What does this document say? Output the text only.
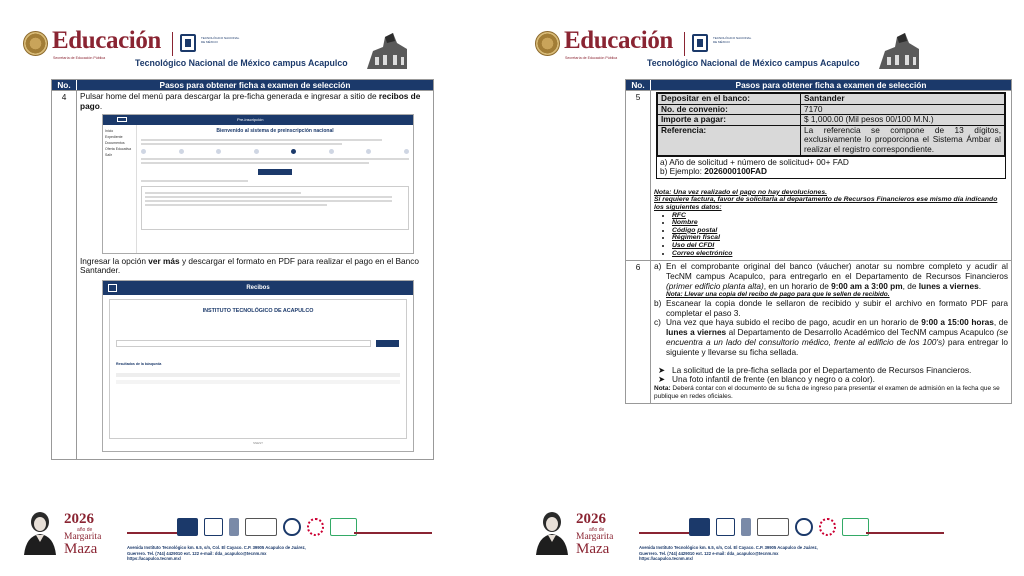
Educación
Secretaría de Educación Pública
TECNOLÓGICO NACIONAL DE MÉXICO
Tecnológico Nacional de México campus Acapulco
No.	Pasos para obtener ficha a examen de selección
4	Pulsar home del menú para descargar la pre-ficha generada e ingresar a sitio de recibos de pago.
Pre-inscripción
Inicio
Expediente
Documentos
Oferta Educativa
Salir
Bienvenido al sistema de preinscripción nacional
Ingresar la opción ver más y descargar el formato en PDF para realizar el pago en el Banco Santander.
Recibos
INSTITUTO TECNOLÓGICO DE ACAPULCO
Resultados de la búsqueda
SNEST
2026
año de
Margarita
Maza	Avenida Instituto Tecnológico km. 6.5, s/n, Col. El Cayaco. C.P. 39905 Acapulco de Juárez,
Guerrero. Tel. (744) 4429010 ext. 122 e-mail: dda_acapulco@tecnm.mx
https://acapulco.tecnm.mx/
Educación
Secretaría de Educación Pública
TECNOLÓGICO NACIONAL DE MÉXICO
Tecnológico Nacional de México campus Acapulco
No.	Pasos para obtener ficha a examen de selección
5	Depositar en el banco:	Santander
No. de convenio:	7170
Importe a pagar:	$ 1,000.00 (Mil pesos 00/100 M.N.)
Referencia:	La referencia se compone de 13 dígitos, exclusivamente lo proporciona el Sistema Ámbar al realizar el registro correspondiente.
a) Año de solicitud + número de solicitud+ 00+ FAD
b) Ejemplo: 2026000100FAD
Nota: Una vez realizado el pago no hay devoluciones.
Si requiere factura, favor de solicitarla al departamento de Recursos Financieros ese mismo día indicando los siguientes datos:
• RFC
• Nombre
• Código postal
• Régimen fiscal
• Uso del CFDI
• Correo electrónico
6	a) En el comprobante original del banco (váucher) anotar su nombre completo y acudir al TecNM campus Acapulco, para entregarlo en el Departamento de Recursos Financieros (primer edificio planta alta), en un horario de 9:00 am a 3:00 pm, de lunes a viernes.
Nota: Llevar una copia del recibo de pago para que le sellen de recibido.
b) Escanear la copia donde le sellaron de recibido y subir el archivo en formato PDF para completar el paso 3.
c) Una vez que haya subido el recibo de pago, acudir en un horario de 9:00 a 15:00 horas, de lunes a viernes al Departamento de Desarrollo Académico del TecNM campus Acapulco (se encuentra a un lado del consultorio médico, frente al edificio de los 100's) para entregar lo siguiente y llevarse su ficha sellada.
➤ La solicitud de la pre-ficha sellada por el Departamento de Recursos Financieros.
➤ Una foto infantil de frente (en blanco y negro o a color).
Nota: Deberá contar con el documento de su ficha de ingreso para presentar el examen de admisión en la fecha que se publique en redes oficiales.
2026
año de
Margarita
Maza	Avenida Instituto Tecnológico km. 6.5, s/n, Col. El Cayaco. C.P. 39905 Acapulco de Juárez,
Guerrero. Tel. (744) 4429010 ext. 122 e-mail: dda_acapulco@tecnm.mx
https://acapulco.tecnm.mx/
